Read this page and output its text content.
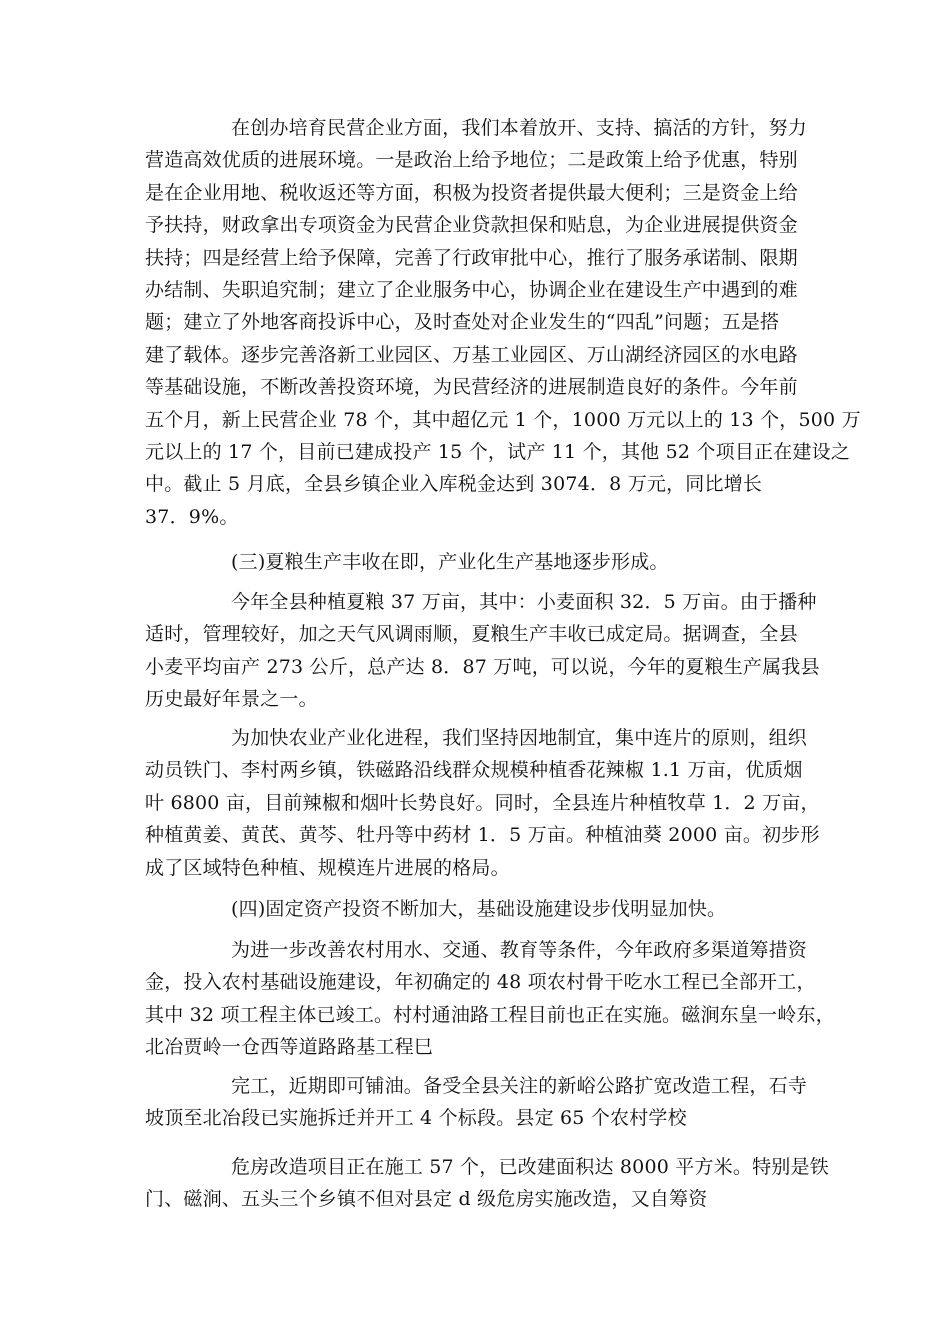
在创办培育民营企业方面，我们本着放开、支持、搞活的方针，努力
营造高效优质的进展环境。一是政治上给予地位；二是政策上给予优惠，特别
是在企业用地、税收返还等方面，积极为投资者提供最大便利；三是资金上给
予扶持，财政拿出专项资金为民营企业贷款担保和贴息，为企业进展提供资金
扶持；四是经营上给予保障，完善了行政审批中心，推行了服务承诺制、限期
办结制、失职追究制；建立了企业服务中心，协调企业在建设生产中遇到的难
题；建立了外地客商投诉中心，及时查处对企业发生的“四乱”问题；五是搭
建了载体。逐步完善洛新工业园区、万基工业园区、万山湖经济园区的水电路
等基础设施，不断改善投资环境，为民营经济的进展制造良好的条件。今年前
五个月，新上民营企业 78 个，其中超亿元 1 个，1000 万元以上的 13 个，500 万
元以上的 17 个，目前已建成投产 15 个，试产 11 个，其他 52 个项目正在建设之
中。截止 5 月底，全县乡镇企业入库税金达到 3074．8 万元，同比增长
37．9%。
(三)夏粮生产丰收在即，产业化生产基地逐步形成。
今年全县种植夏粮 37 万亩，其中：小麦面积 32．5 万亩。由于播种
适时，管理较好，加之天气风调雨顺，夏粮生产丰收已成定局。据调查，全县
小麦平均亩产 273 公斤，总产达 8．87 万吨，可以说，今年的夏粮生产属我县
历史最好年景之一。
为加快农业产业化进程，我们坚持因地制宜，集中连片的原则，组织
动员铁门、李村两乡镇，铁磁路沿线群众规模种植香花辣椒 1.1 万亩，优质烟
叶 6800 亩，目前辣椒和烟叶长势良好。同时，全县连片种植牧草 1．2 万亩，
种植黄姜、黄芪、黄芩、牡丹等中药材 1．5 万亩。种植油葵 2000 亩。初步形
成了区域特色种植、规模连片进展的格局。
(四)固定资产投资不断加大，基础设施建设步伐明显加快。
为进一步改善农村用水、交通、教育等条件，今年政府多渠道筹措资
金，投入农村基础设施建设，年初确定的 48 项农村骨干吃水工程已全部开工，
其中 32 项工程主体已竣工。村村通油路工程目前也正在实施。磁涧东皇一岭东，
北冶贾岭一仓西等道路路基工程巳
完工，近期即可铺油。备受全县关注的新峪公路扩宽改造工程，石寺
坡顶至北冶段已实施拆迁并开工 4 个标段。县定 65 个农村学校
危房改造项目正在施工 57 个，已改建面积达 8000 平方米。特别是铁
门、磁涧、五头三个乡镇不但对县定 d 级危房实施改造，又自筹资
